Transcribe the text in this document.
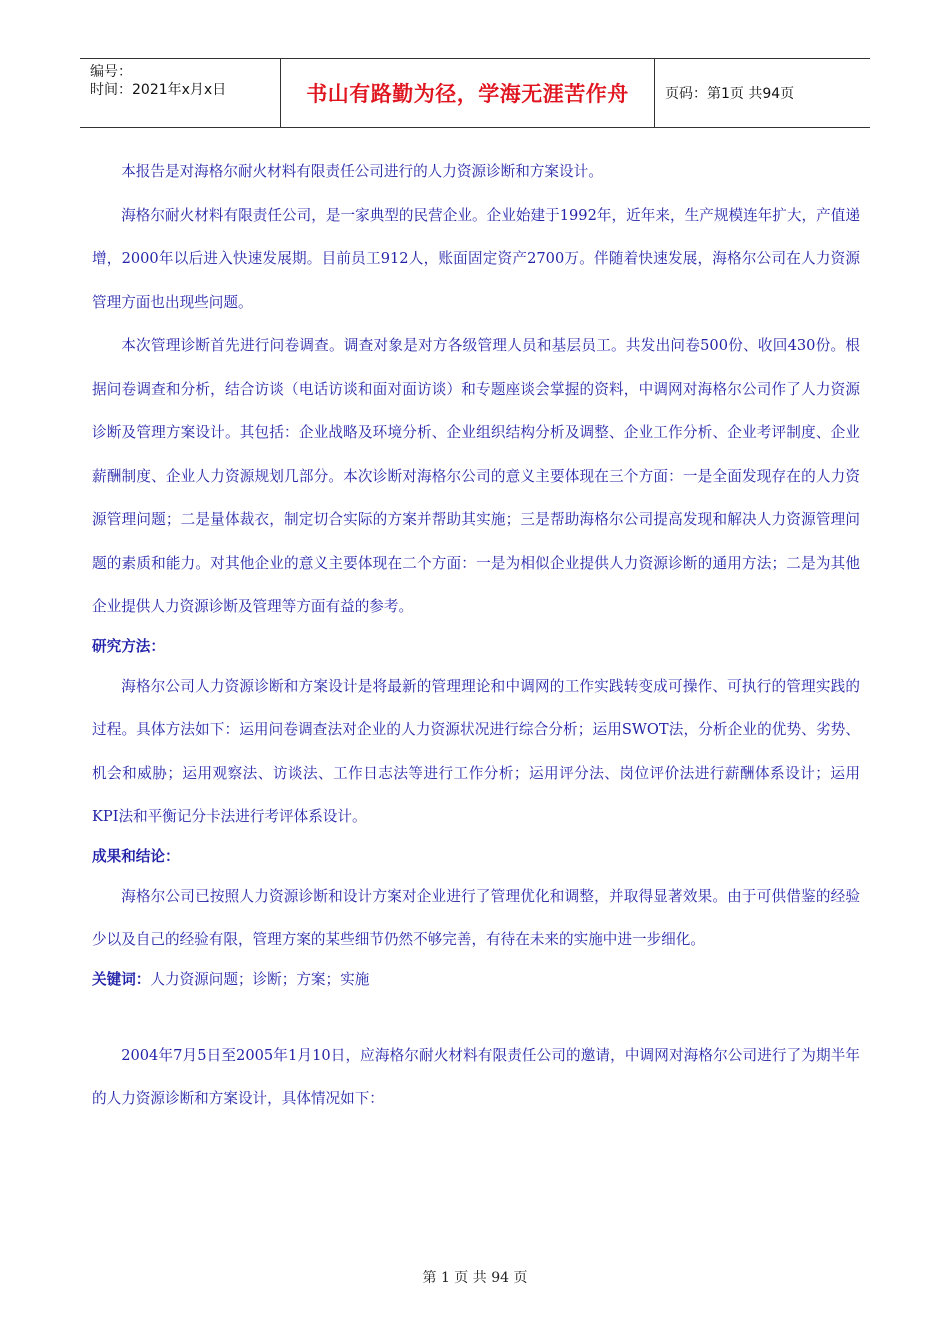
编号：
时间：2021年x月x日	书山有路勤为径，学海无涯苦作舟	页码：第1页 共94页

本报告是对海格尔耐火材料有限责任公司进行的人力资源诊断和方案设计。

海格尔耐火材料有限责任公司，是一家典型的民营企业。企业始建于1992年，近年来，生产规模连年扩大，产值递增，2000年以后进入快速发展期。目前员工912人，账面固定资产2700万。伴随着快速发展，海格尔公司在人力资源管理方面也出现些问题。

本次管理诊断首先进行问卷调查。调查对象是对方各级管理人员和基层员工。共发出问卷500份、收回430份。根据问卷调查和分析，结合访谈（电话访谈和面对面访谈）和专题座谈会掌握的资料，中调网对海格尔公司作了人力资源诊断及管理方案设计。其包括：企业战略及环境分析、企业组织结构分析及调整、企业工作分析、企业考评制度、企业薪酬制度、企业人力资源规划几部分。本次诊断对海格尔公司的意义主要体现在三个方面：一是全面发现存在的人力资源管理问题；二是量体裁衣，制定切合实际的方案并帮助其实施；三是帮助海格尔公司提高发现和解决人力资源管理问题的素质和能力。对其他企业的意义主要体现在二个方面：一是为相似企业提供人力资源诊断的通用方法；二是为其他企业提供人力资源诊断及管理等方面有益的参考。

研究方法：

海格尔公司人力资源诊断和方案设计是将最新的管理理论和中调网的工作实践转变成可操作、可执行的管理实践的过程。具体方法如下：运用问卷调查法对企业的人力资源状况进行综合分析；运用SWOT法，分析企业的优势、劣势、机会和威胁；运用观察法、访谈法、工作日志法等进行工作分析；运用评分法、岗位评价法进行薪酬体系设计；运用KPI法和平衡记分卡法进行考评体系设计。

成果和结论：

海格尔公司已按照人力资源诊断和设计方案对企业进行了管理优化和调整，并取得显著效果。由于可供借鉴的经验少以及自己的经验有限，管理方案的某些细节仍然不够完善，有待在未来的实施中进一步细化。

关键词：人力资源问题；诊断；方案；实施

2004年7月5日至2005年1月10日，应海格尔耐火材料有限责任公司的邀请，中调网对海格尔公司进行了为期半年的人力资源诊断和方案设计，具体情况如下：

第 1 页 共 94 页
